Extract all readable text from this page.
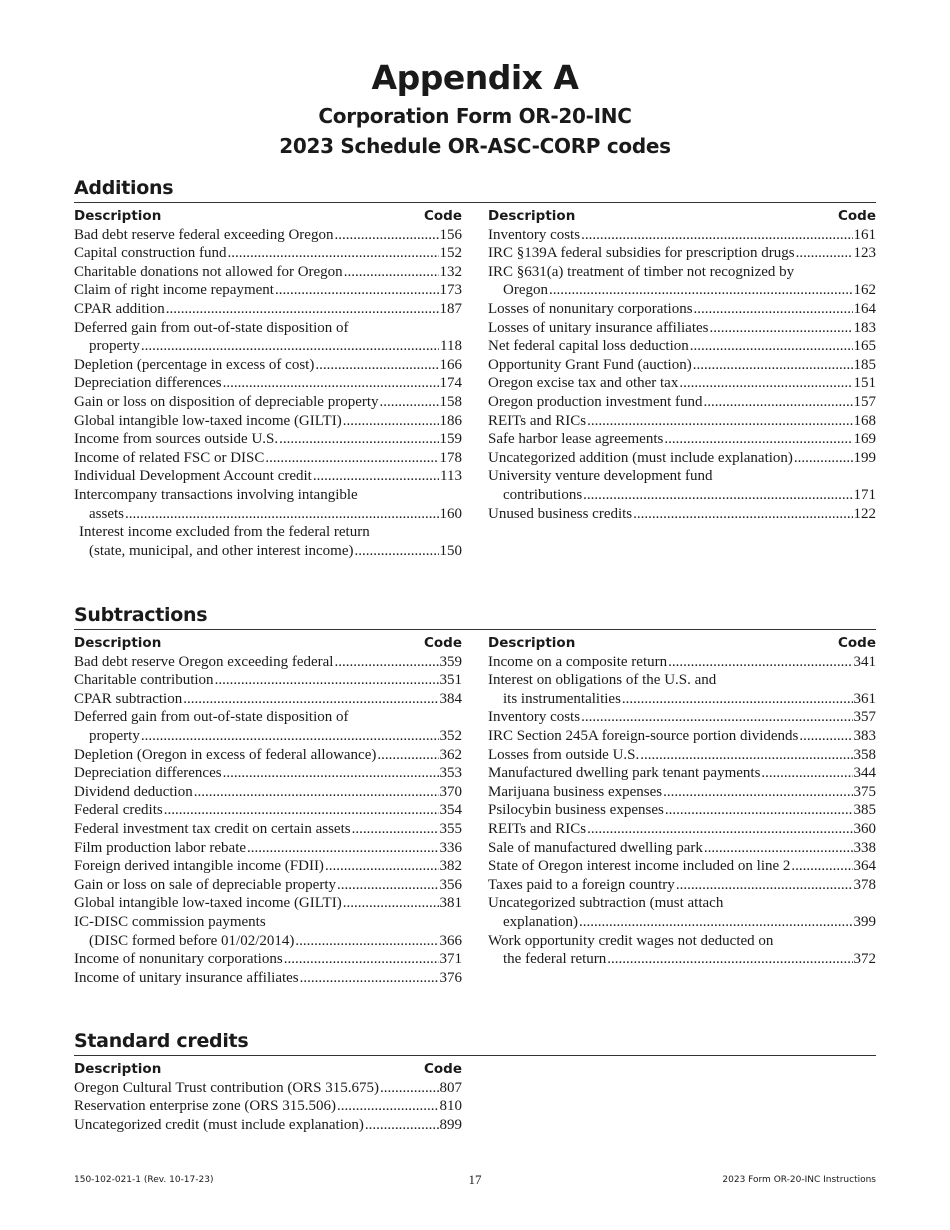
Appendix A
Corporation Form OR-20-INC
2023 Schedule OR-ASC-CORP codes
Additions
Description	Code
Bad debt reserve federal exceeding Oregon .....	156
Capital construction fund .....	152
Charitable donations not allowed for Oregon .....	132
Claim of right income repayment .....	173
CPAR addition .....	187
Deferred gain from out-of-state disposition of
property .....	118
Depletion (percentage in excess of cost) .....	166
Depreciation differences .....	174
Gain or loss on disposition of depreciable property .....	158
Global intangible low-taxed income (GILTI) .....	186
Income from sources outside U.S. .....	159
Income of related FSC or DISC .....	178
Individual Development Account credit .....	113
Intercompany transactions involving intangible
assets .....	160
Interest income excluded from the federal return
(state, municipal, and other interest income) .....	150
Description	Code
Inventory costs .....	161
IRC §139A federal subsidies for prescription drugs .....	123
IRC §631(a) treatment of timber not recognized by
Oregon .....	162
Losses of nonunitary corporations .....	164
Losses of unitary insurance affiliates .....	183
Net federal capital loss deduction .....	165
Opportunity Grant Fund (auction) .....	185
Oregon excise tax and other tax .....	151
Oregon production investment fund .....	157
REITs and RICs .....	168
Safe harbor lease agreements .....	169
Uncategorized addition (must include explanation) .....	199
University venture development fund
contributions .....	171
Unused business credits .....	122
Subtractions
Description	Code
Bad debt reserve Oregon exceeding federal .....	359
Charitable contribution .....	351
CPAR subtraction .....	384
Deferred gain from out-of-state disposition of
property .....	352
Depletion (Oregon in excess of federal allowance) .....	362
Depreciation differences .....	353
Dividend deduction .....	370
Federal credits .....	354
Federal investment tax credit on certain assets .....	355
Film production labor rebate .....	336
Foreign derived intangible income (FDII) .....	382
Gain or loss on sale of depreciable property .....	356
Global intangible low-taxed income (GILTI) .....	381
IC-DISC commission payments
(DISC formed before 01/02/2014) .....	366
Income of nonunitary corporations .....	371
Income of unitary insurance affiliates .....	376
Description	Code
Income on a composite return .....	341
Interest on obligations of the U.S. and
its instrumentalities .....	361
Inventory costs .....	357
IRC Section 245A foreign-source portion dividends .....	383
Losses from outside U.S. .....	358
Manufactured dwelling park tenant payments .....	344
Marijuana business expenses .....	375
Psilocybin business expenses .....	385
REITs and RICs .....	360
Sale of manufactured dwelling park .....	338
State of Oregon interest income included on line 2 .....	364
Taxes paid to a foreign country .....	378
Uncategorized subtraction (must attach
explanation) .....	399
Work opportunity credit wages not deducted on
the federal return .....	372
Standard credits
Description	Code
Oregon Cultural Trust contribution (ORS 315.675) .....	807
Reservation enterprise zone (ORS 315.506) .....	810
Uncategorized credit (must include explanation) .....	899
150-102-021-1 (Rev. 10-17-23)	17	2023 Form OR-20-INC Instructions
